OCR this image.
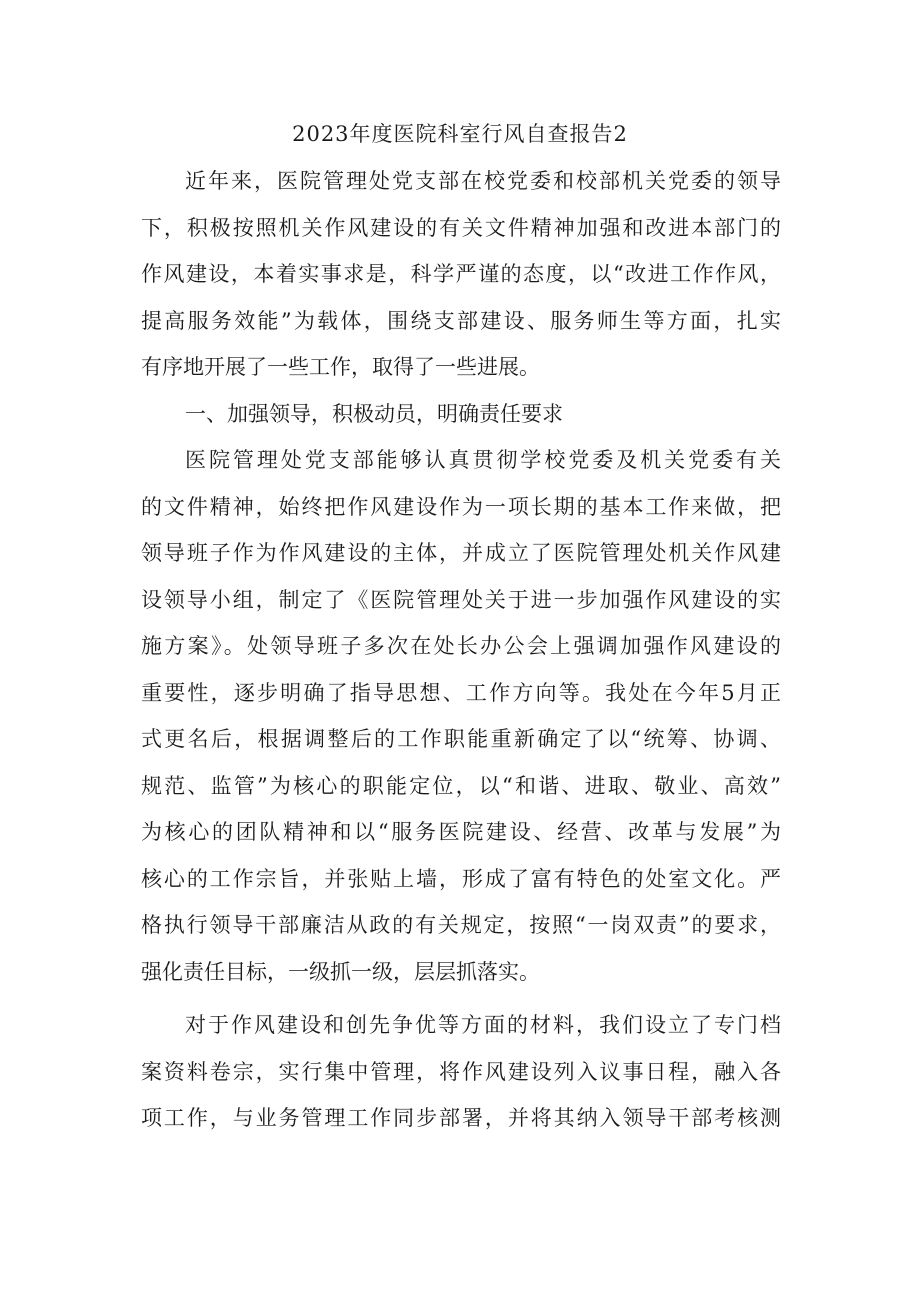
2023年度医院科室行风自查报告2
近年来，医院管理处党支部在校党委和校部机关党委的领导
下，积极按照机关作风建设的有关文件精神加强和改进本部门的
作风建设，本着实事求是，科学严谨的态度，以“改进工作作风，
提高服务效能”为载体，围绕支部建设、服务师生等方面，扎实
有序地开展了一些工作，取得了一些进展。
一、加强领导，积极动员，明确责任要求
医院管理处党支部能够认真贯彻学校党委及机关党委有关
的文件精神，始终把作风建设作为一项长期的基本工作来做，把
领导班子作为作风建设的主体，并成立了医院管理处机关作风建
设领导小组，制定了《医院管理处关于进一步加强作风建设的实
施方案》。处领导班子多次在处长办公会上强调加强作风建设的
重要性，逐步明确了指导思想、工作方向等。我处在今年5月正
式更名后，根据调整后的工作职能重新确定了以“统筹、协调、
规范、监管”为核心的职能定位，以“和谐、进取、敬业、高效”
为核心的团队精神和以“服务医院建设、经营、改革与发展”为
核心的工作宗旨，并张贴上墙，形成了富有特色的处室文化。严
格执行领导干部廉洁从政的有关规定，按照“一岗双责”的要求，
强化责任目标，一级抓一级，层层抓落实。
对于作风建设和创先争优等方面的材料，我们设立了专门档
案资料卷宗，实行集中管理，将作风建设列入议事日程，融入各
项工作，与业务管理工作同步部署，并将其纳入领导干部考核测
